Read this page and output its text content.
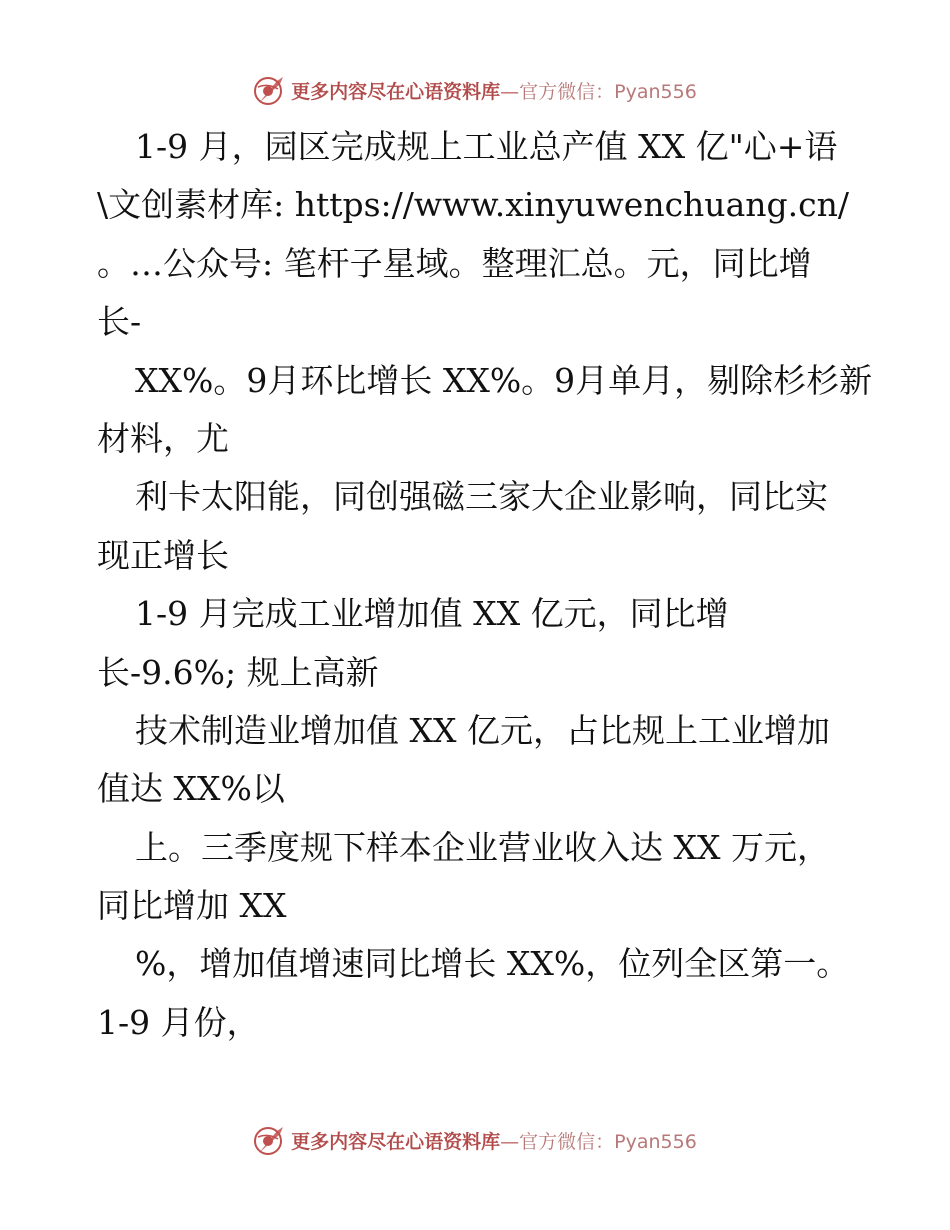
更多内容尽在心语资料库—官方微信：Pyan556
1-9 月，园区完成规上工业总产值 XX 亿"心+语
\文创素材库: https://www.xinyuwenchuang.cn/
。…公众号: 笔杆子星域。整理汇总。元，同比增
长-
XX%。9月环比增长 XX%。9月单月，剔除杉杉新
材料，尤
利卡太阳能，同创强磁三家大企业影响，同比实
现正增长
1-9 月完成工业增加值 XX 亿元，同比增
长-9.6%; 规上高新
技术制造业增加值 XX 亿元，占比规上工业增加
值达 XX%以
上。三季度规下样本企业营业收入达 XX 万元，
同比增加 XX
%，增加值增速同比增长 XX%，位列全区第一。
1-9 月份，
更多内容尽在心语资料库—官方微信：Pyan556
